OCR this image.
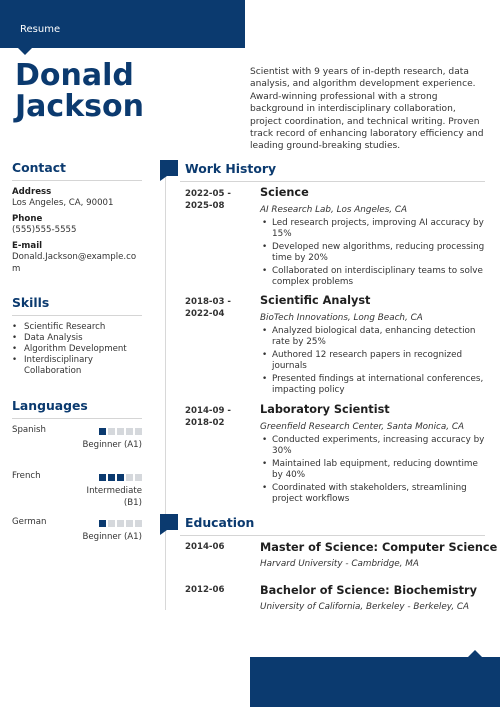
Resume
Donald
Jackson

Scientist with 9 years of in-depth research, data analysis, and algorithm development experience. Award-winning professional with a strong background in interdisciplinary collaboration, project coordination, and technical writing. Proven track record of enhancing laboratory efficiency and leading ground-breaking studies.

Contact
Address
Los Angeles, CA, 90001
Phone
(555)555-5555
E-mail
Donald.Jackson@example.com
Skills
• Scientific Research
• Data Analysis
• Algorithm Development
• Interdisciplinary Collaboration
Languages
Spanish
Beginner (A1)
French
Intermediate (B1)
German
Beginner (A1)
Work History
2022-05 -
2025-08
Science
AI Research Lab, Los Angeles, CA
• Led research projects, improving AI accuracy by 15%
• Developed new algorithms, reducing processing time by 20%
• Collaborated on interdisciplinary teams to solve complex problems
2018-03 -
2022-04
Scientific Analyst
BioTech Innovations, Long Beach, CA
• Analyzed biological data, enhancing detection rate by 25%
• Authored 12 research papers in recognized journals
• Presented findings at international conferences, impacting policy
2014-09 -
2018-02
Laboratory Scientist
Greenfield Research Center, Santa Monica, CA
• Conducted experiments, increasing accuracy by 30%
• Maintained lab equipment, reducing downtime by 40%
• Coordinated with stakeholders, streamlining project workflows
Education
2014-06	Master of Science: Computer Science
Harvard University - Cambridge, MA
2012-06	Bachelor of Science: Biochemistry
University of California, Berkeley - Berkeley, CA
